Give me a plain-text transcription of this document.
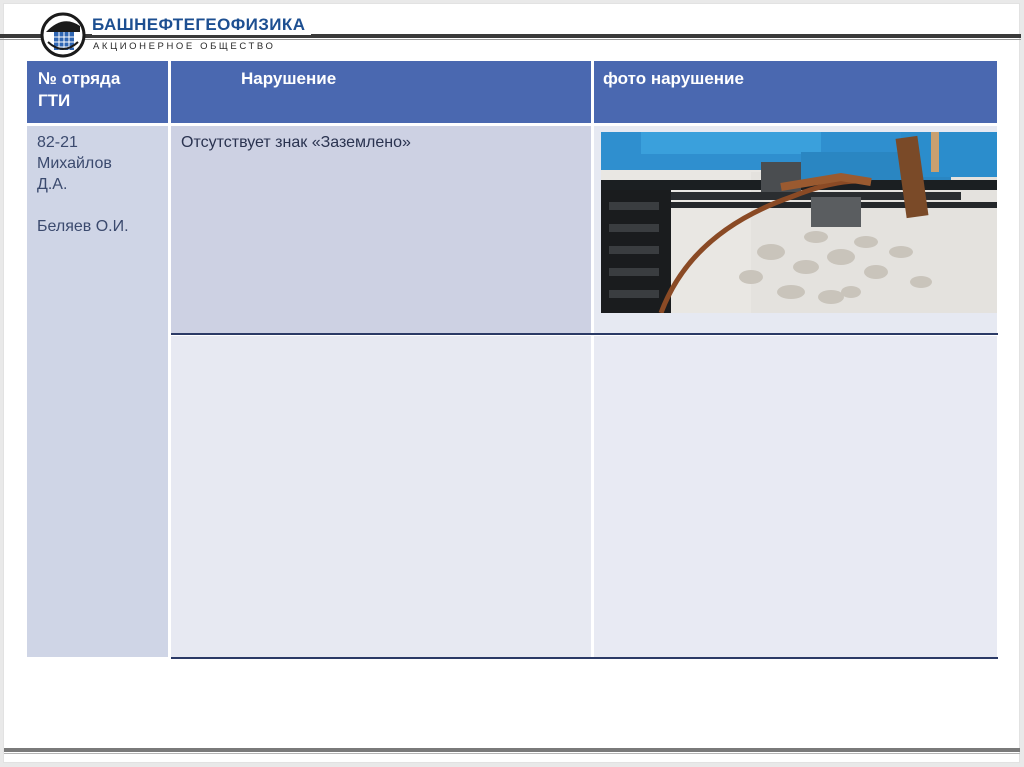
БАШНЕФТЕГЕОФИЗИКА
АКЦИОНЕРНОЕ ОБЩЕСТВО
№ отряда
ГТИ
Нарушение	фото нарушение
82-21
Михайлов
Д.А.
Беляев О.И.
Отсутствует знак «Заземлено»
